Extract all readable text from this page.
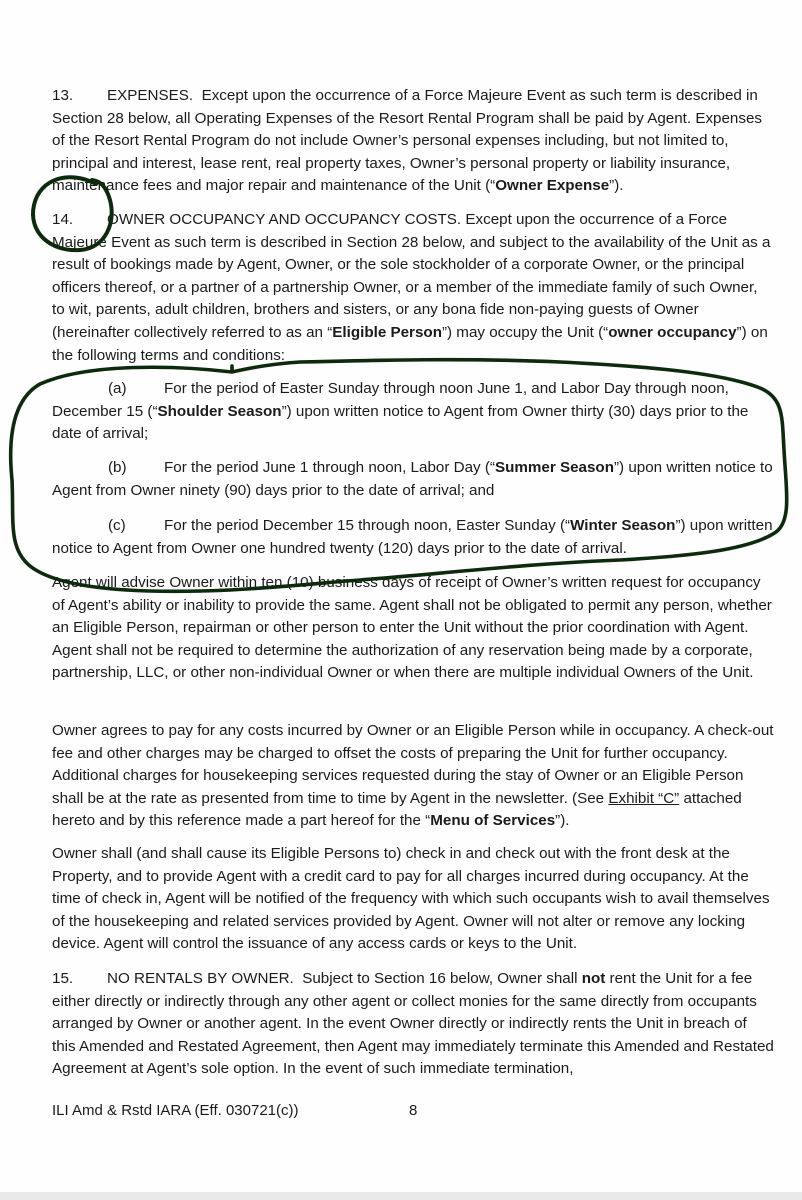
13. EXPENSES. Except upon the occurrence of a Force Majeure Event as such term is described in Section 28 below, all Operating Expenses of the Resort Rental Program shall be paid by Agent. Expenses of the Resort Rental Program do not include Owner’s personal expenses including, but not limited to, principal and interest, lease rent, real property taxes, Owner’s personal property or liability insurance, maintenance fees and major repair and maintenance of the Unit (“Owner Expense”).

14. OWNER OCCUPANCY AND OCCUPANCY COSTS. Except upon the occurrence of a Force Majeure Event as such term is described in Section 28 below, and subject to the availability of the Unit as a result of bookings made by Agent, Owner, or the sole stockholder of a corporate Owner, or the principal officers thereof, or a partner of a partnership Owner, or a member of the immediate family of such Owner, to wit, parents, adult children, brothers and sisters, or any bona fide non-paying guests of Owner (hereinafter collectively referred to as an “Eligible Person”) may occupy the Unit (“owner occupancy”) on the following terms and conditions:

(a) For the period of Easter Sunday through noon June 1, and Labor Day through noon, December 15 (“Shoulder Season”) upon written notice to Agent from Owner thirty (30) days prior to the date of arrival;

(b) For the period June 1 through noon, Labor Day (“Summer Season”) upon written notice to Agent from Owner ninety (90) days prior to the date of arrival; and

(c)	For the period December 15 through noon, Easter Sunday (“Winter Season”) upon written notice to Agent from Owner one hundred twenty (120) days prior to the date of arrival.

Agent will advise Owner within ten (10) business days of receipt of Owner’s written request for occupancy of Agent’s ability or inability to provide the same. Agent shall not be obligated to permit any person, whether an Eligible Person, repairman or other person to enter the Unit without the prior coordination with Agent. Agent shall not be required to determine the authorization of any reservation being made by a corporate, partnership, LLC, or other non-individual Owner or when there are multiple individual Owners of the Unit.

Owner agrees to pay for any costs incurred by Owner or an Eligible Person while in occupancy. A check-out fee and other charges may be charged to offset the costs of preparing the Unit for further occupancy. Additional charges for housekeeping services requested during the stay of Owner or an Eligible Person shall be at the rate as presented from time to time by Agent in the newsletter. (See Exhibit “C” attached hereto and by this reference made a part hereof for the “Menu of Services”).

Owner shall (and shall cause its Eligible Persons to) check in and check out with the front desk at the Property, and to provide Agent with a credit card to pay for all charges incurred during occupancy. At the time of check in, Agent will be notified of the frequency with which such occupants wish to avail themselves of the housekeeping and related services provided by Agent. Owner will not alter or remove any locking device. Agent will control the issuance of any access cards or keys to the Unit.

15. NO RENTALS BY OWNER. Subject to Section 16 below, Owner shall not rent the Unit for a fee either directly or indirectly through any other agent or collect monies for the same directly from occupants arranged by Owner or another agent. In the event Owner directly or indirectly rents the Unit in breach of this Amended and Restated Agreement, then Agent may immediately terminate this Amended and Restated Agreement at Agent’s sole option. In the event of such immediate termination,

ILI Amd & Rstd IARA (Eff. 030721(c))	8
